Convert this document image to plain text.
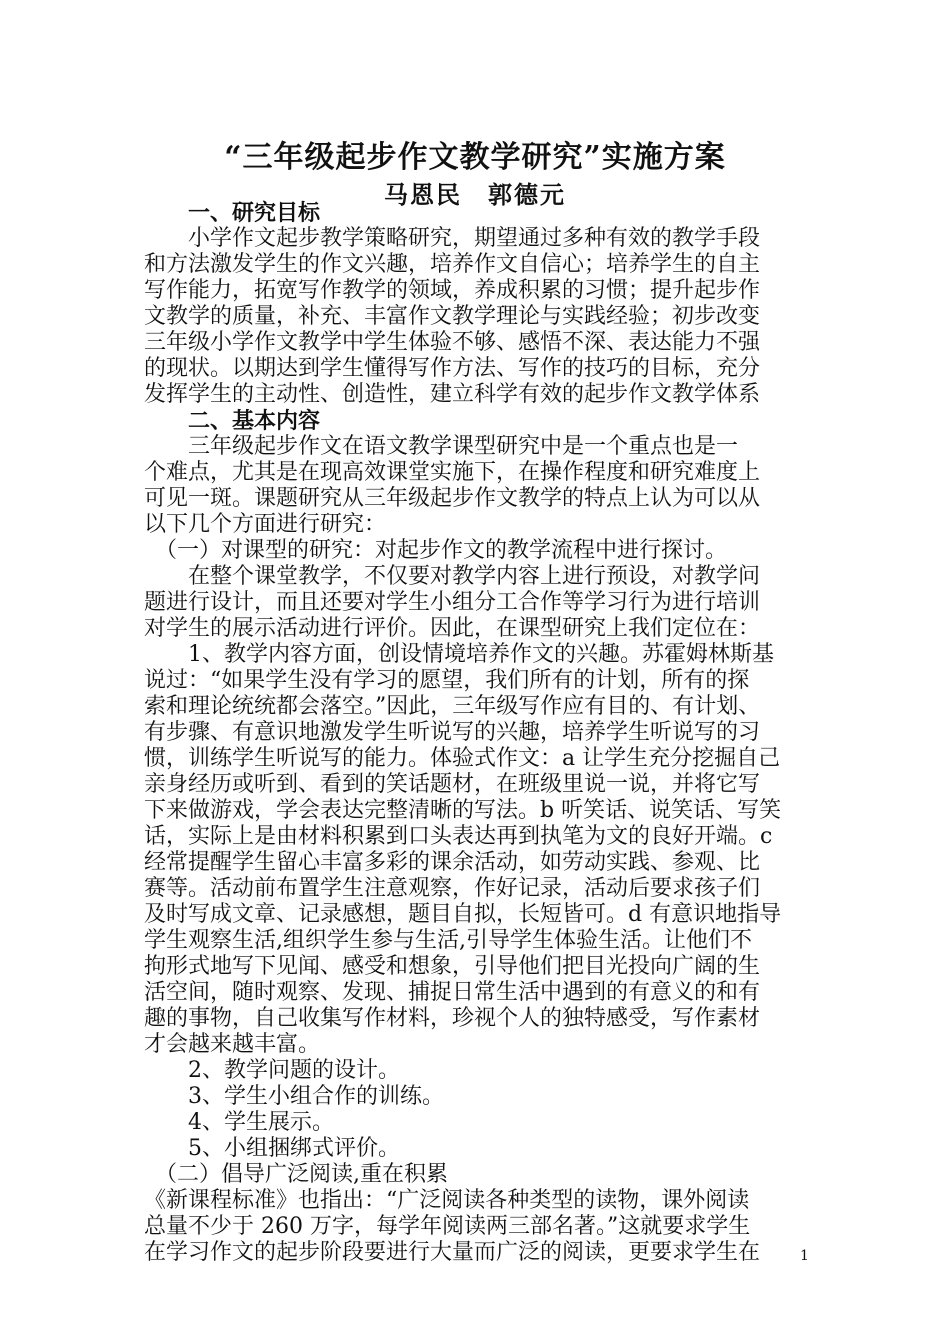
“三年级起步作文教学研究”实施方案
马恩民　郭德元
　　一、研究目标
　　小学作文起步教学策略研究，期望通过多种有效的教学手段
和方法激发学生的作文兴趣，培养作文自信心；培养学生的自主
写作能力，拓宽写作教学的领域，养成积累的习惯；提升起步作
文教学的质量，补充、丰富作文教学理论与实践经验；初步改变
三年级小学作文教学中学生体验不够、感悟不深、表达能力不强
的现状。以期达到学生懂得写作方法、写作的技巧的目标，充分
发挥学生的主动性、创造性，建立科学有效的起步作文教学体系
　　二、基本内容
　　三年级起步作文在语文教学课型研究中是一个重点也是一
个难点，尤其是在现高效课堂实施下，在操作程度和研究难度上
可见一斑。课题研究从三年级起步作文教学的特点上认为可以从
以下几个方面进行研究：
　（一）对课型的研究：对起步作文的教学流程中进行探讨。
　　在整个课堂教学，不仅要对教学内容上进行预设，对教学问
题进行设计，而且还要对学生小组分工合作等学习行为进行培训
对学生的展示活动进行评价。因此，在课型研究上我们定位在：
　　1、教学内容方面，创设情境培养作文的兴趣。苏霍姆林斯基
说过：“如果学生没有学习的愿望，我们所有的计划，所有的探
索和理论统统都会落空。”因此，三年级写作应有目的、有计划、
有步骤、有意识地激发学生听说写的兴趣，培养学生听说写的习
惯，训练学生听说写的能力。体验式作文：a 让学生充分挖掘自己
亲身经历或听到、看到的笑话题材，在班级里说一说，并将它写
下来做游戏，学会表达完整清晰的写法。b 听笑话、说笑话、写笑
话，实际上是由材料积累到口头表达再到执笔为文的良好开端。c
经常提醒学生留心丰富多彩的课余活动，如劳动实践、参观、比
赛等。活动前布置学生注意观察，作好记录，活动后要求孩子们
及时写成文章、记录感想，题目自拟，长短皆可。d 有意识地指导
学生观察生活,组织学生参与生活,引导学生体验生活。让他们不
拘形式地写下见闻、感受和想象，引导他们把目光投向广阔的生
活空间，随时观察、发现、捕捉日常生活中遇到的有意义的和有
趣的事物，自己收集写作材料，珍视个人的独特感受，写作素材
才会越来越丰富。
　　2、教学问题的设计。
　　3、学生小组合作的训练。
　　4、学生展示。
　　5、小组捆绑式评价。
　（二）倡导广泛阅读,重在积累
《新课程标准》也指出：“广泛阅读各种类型的读物，课外阅读
总量不少于 260 万字，每学年阅读两三部名著。”这就要求学生
在学习作文的起步阶段要进行大量而广泛的阅读，更要求学生在	1
